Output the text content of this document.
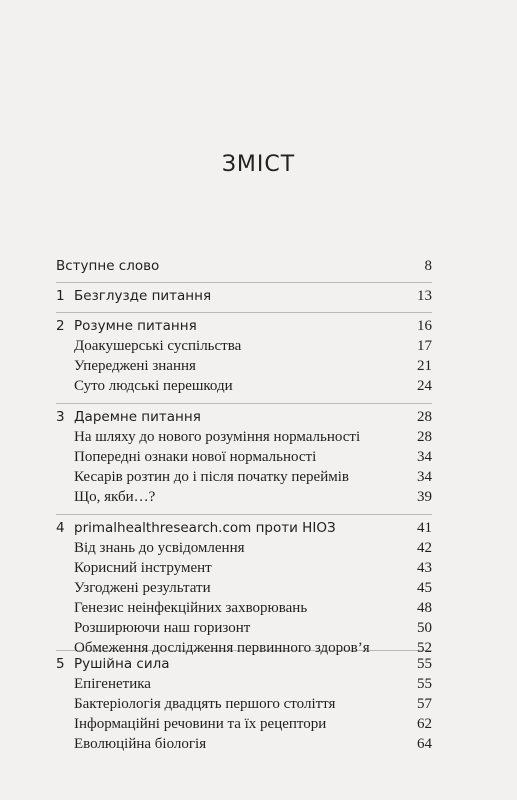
ЗМІСТ
Вступне слово	8
1 Безглузде питання	13
2 Розумне питання	16
Доакушерські суспільства	17
Упереджені знання	21
Суто людські перешкоди	24
3 Даремне питання	28
На шляху до нового розуміння нормальності	28
Попередні ознаки нової нормальності	34
Кесарів розтин до і після початку переймів	34
Що, якби…?	39
4 primalhealthresearch.com проти НІОЗ	41
Від знань до усвідомлення	42
Корисний інструмент	43
Узгоджені результати	45
Генезис неінфекційних захворювань	48
Розширюючи наш горизонт	50
Обмеження дослідження первинного здоров’я	52
5 Рушійна сила	55
Епігенетика	55
Бактеріологія двадцять першого століття	57
Інформаційні речовини та їх рецептори	62
Еволюційна біологія	64
